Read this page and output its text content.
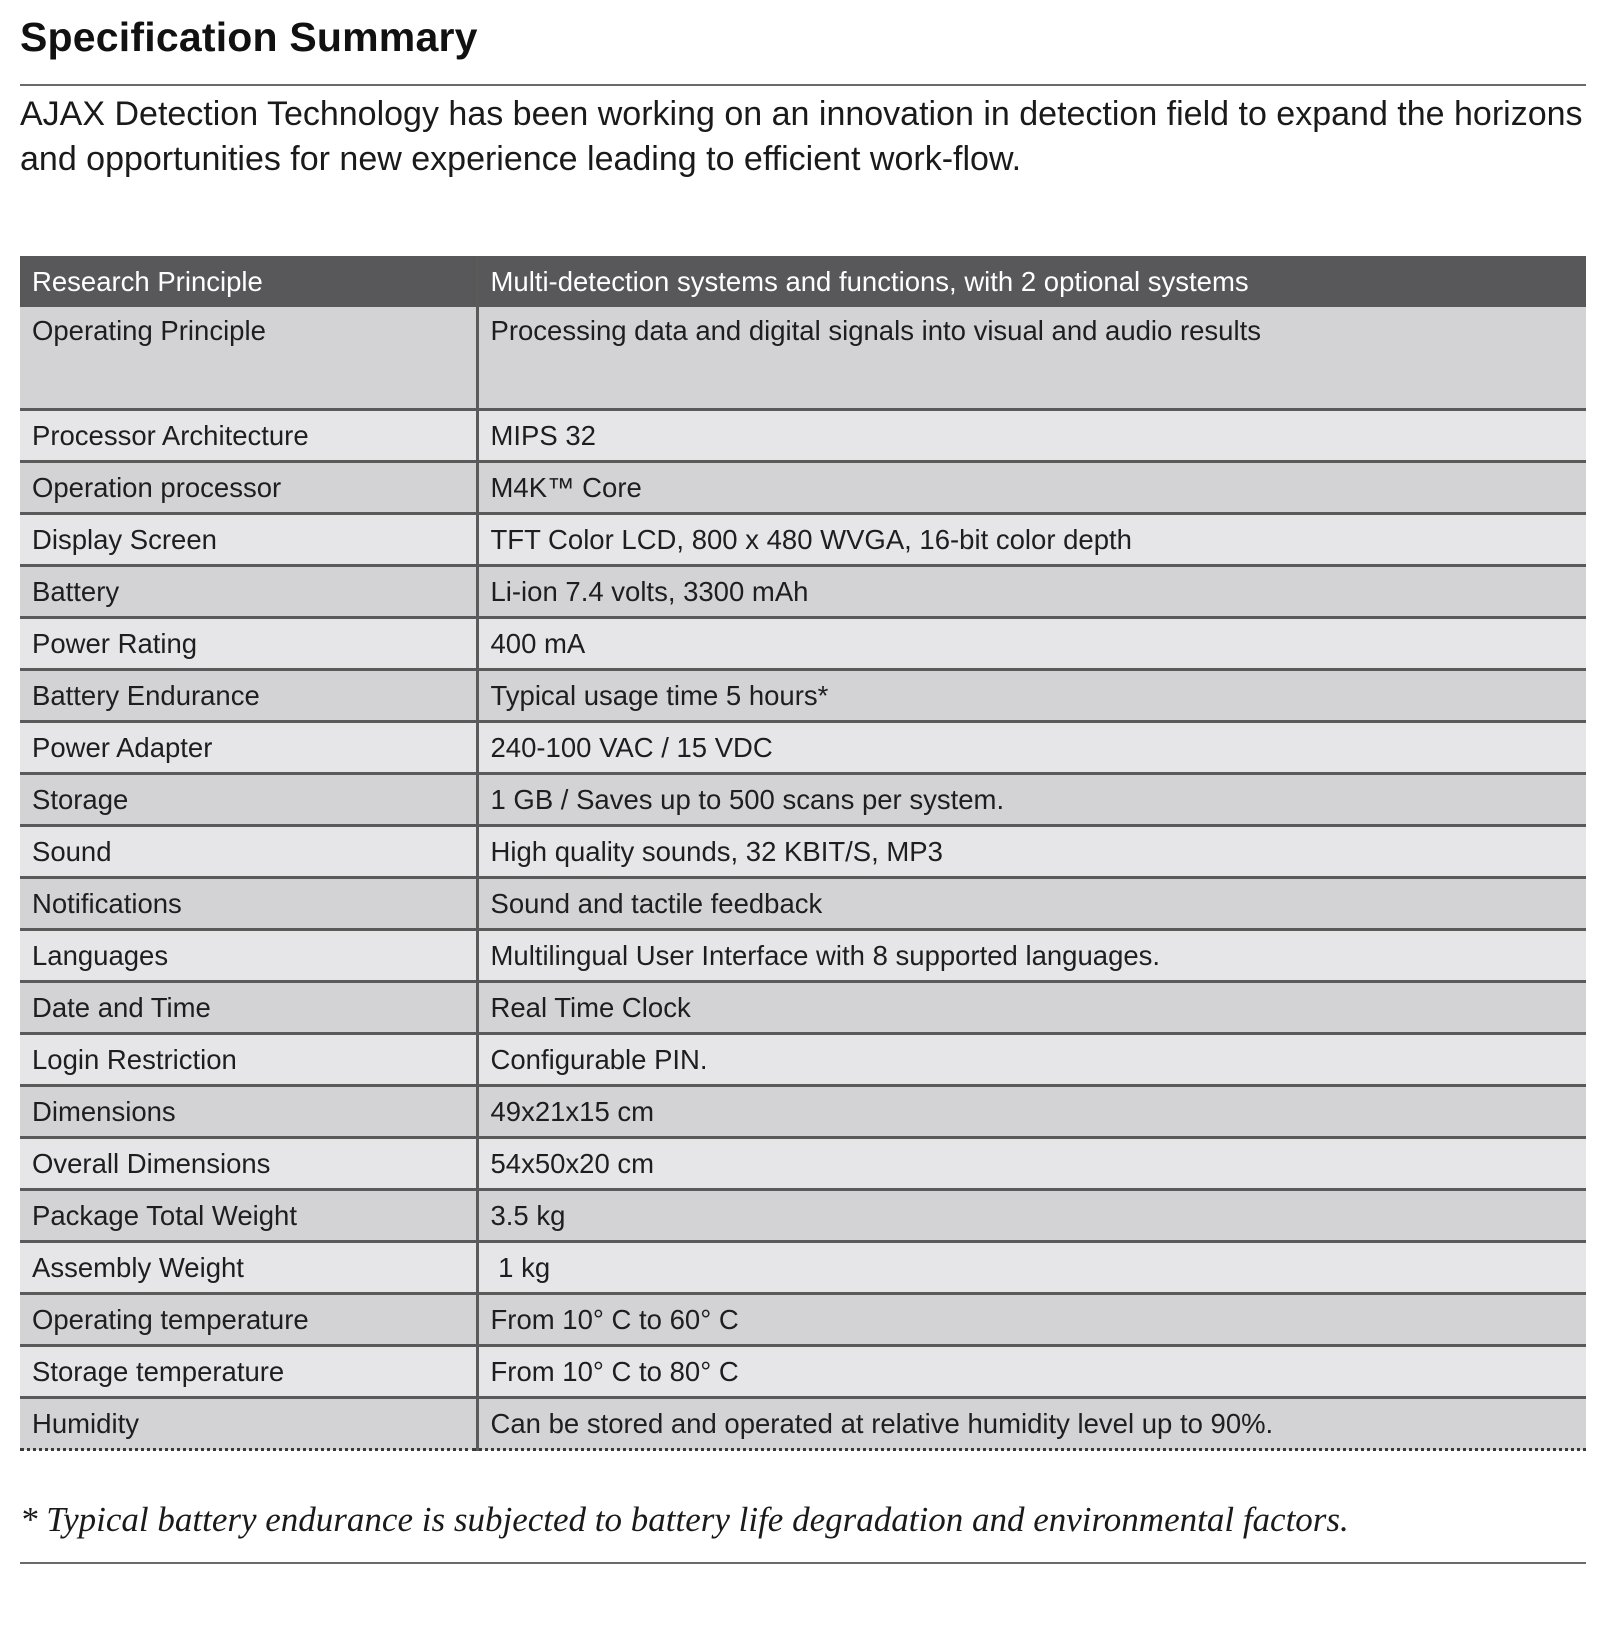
Specification Summary

AJAX Detection Technology has been working on an innovation in detection field to expand the horizons and opportunities for new experience leading to efficient work-flow.

Research Principle	Multi-detection systems and functions, with 2 optional systems
Operating Principle	Processing data and digital signals into visual and audio results
Processor Architecture	MIPS 32
Operation processor	M4K™ Core
Display Screen	TFT Color LCD, 800 x 480 WVGA, 16-bit color depth
Battery	Li-ion 7.4 volts, 3300 mAh
Power Rating	400 mA
Battery Endurance	Typical usage time 5 hours*
Power Adapter	240-100 VAC / 15 VDC
Storage	1 GB / Saves up to 500 scans per system.
Sound	High quality sounds, 32 KBIT/S, MP3
Notifications	Sound and tactile feedback
Languages	Multilingual User Interface with 8 supported languages.
Date and Time	Real Time Clock
Login Restriction	Configurable PIN.
Dimensions	49x21x15 cm
Overall Dimensions	54x50x20 cm
Package Total Weight	3.5 kg
Assembly Weight	1 kg
Operating temperature	From 10° C to 60° C
Storage temperature	From 10° C to 80° C
Humidity	Can be stored and operated at relative humidity level up to 90%.

* Typical battery endurance is subjected to battery life degradation and environmental factors.
